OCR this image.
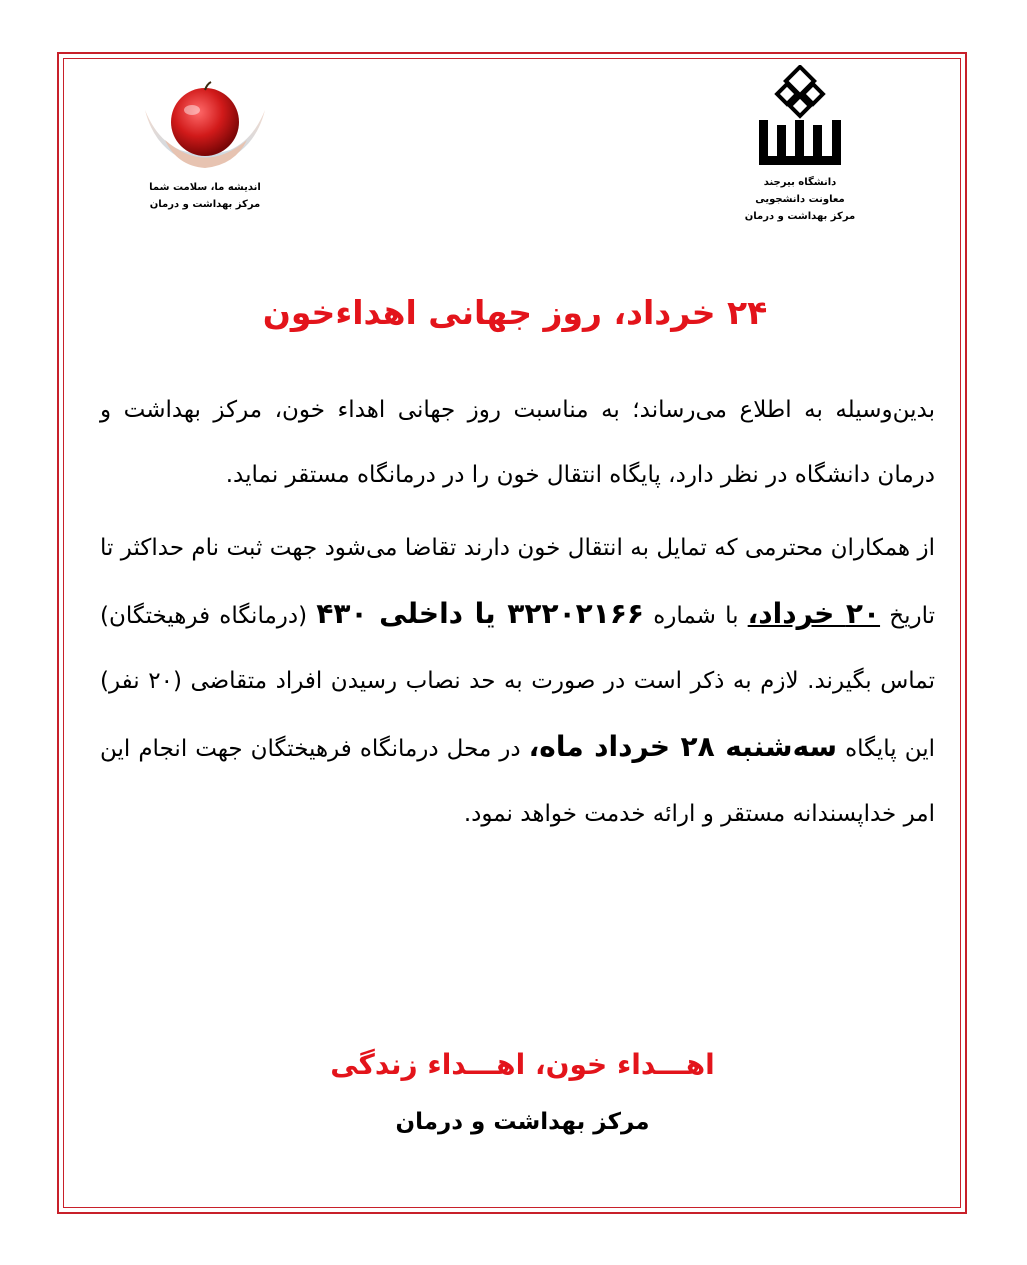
اندیشه ما، سلامت شما
مرکز بهداشت و درمان
دانشگاه بیرجند
معاونت دانشجویی
مرکز بهداشت و درمان
۲۴ خرداد، روز جهانی اهداءخون

بدین‌وسیله به اطلاع می‌رساند؛ به مناسبت روز جهانی اهداء خون، مرکز بهداشت و درمان دانشگاه در نظر دارد، پایگاه انتقال خون را در درمانگاه مستقر نماید.

از همکاران محترمی که تمایل به انتقال خون دارند تقاضا می‌شود جهت ثبت نام حداکثر تا تاریخ ۲۰ خرداد، با شماره ۳۲۲۰۲۱۶۶ یا داخلی ۴۳۰ (درمانگاه فرهیختگان) تماس بگیرند. لازم به ذکر است در صورت به حد نصاب رسیدن افراد متقاضی (۲۰ نفر) این پایگاه سه‌شنبه ۲۸ خرداد ماه، در محل درمانگاه فرهیختگان جهت انجام این امر خداپسندانه مستقر و ارائه خدمت خواهد نمود.

اهـــداء خون، اهـــداء زندگی
مرکز بهداشت و درمان
